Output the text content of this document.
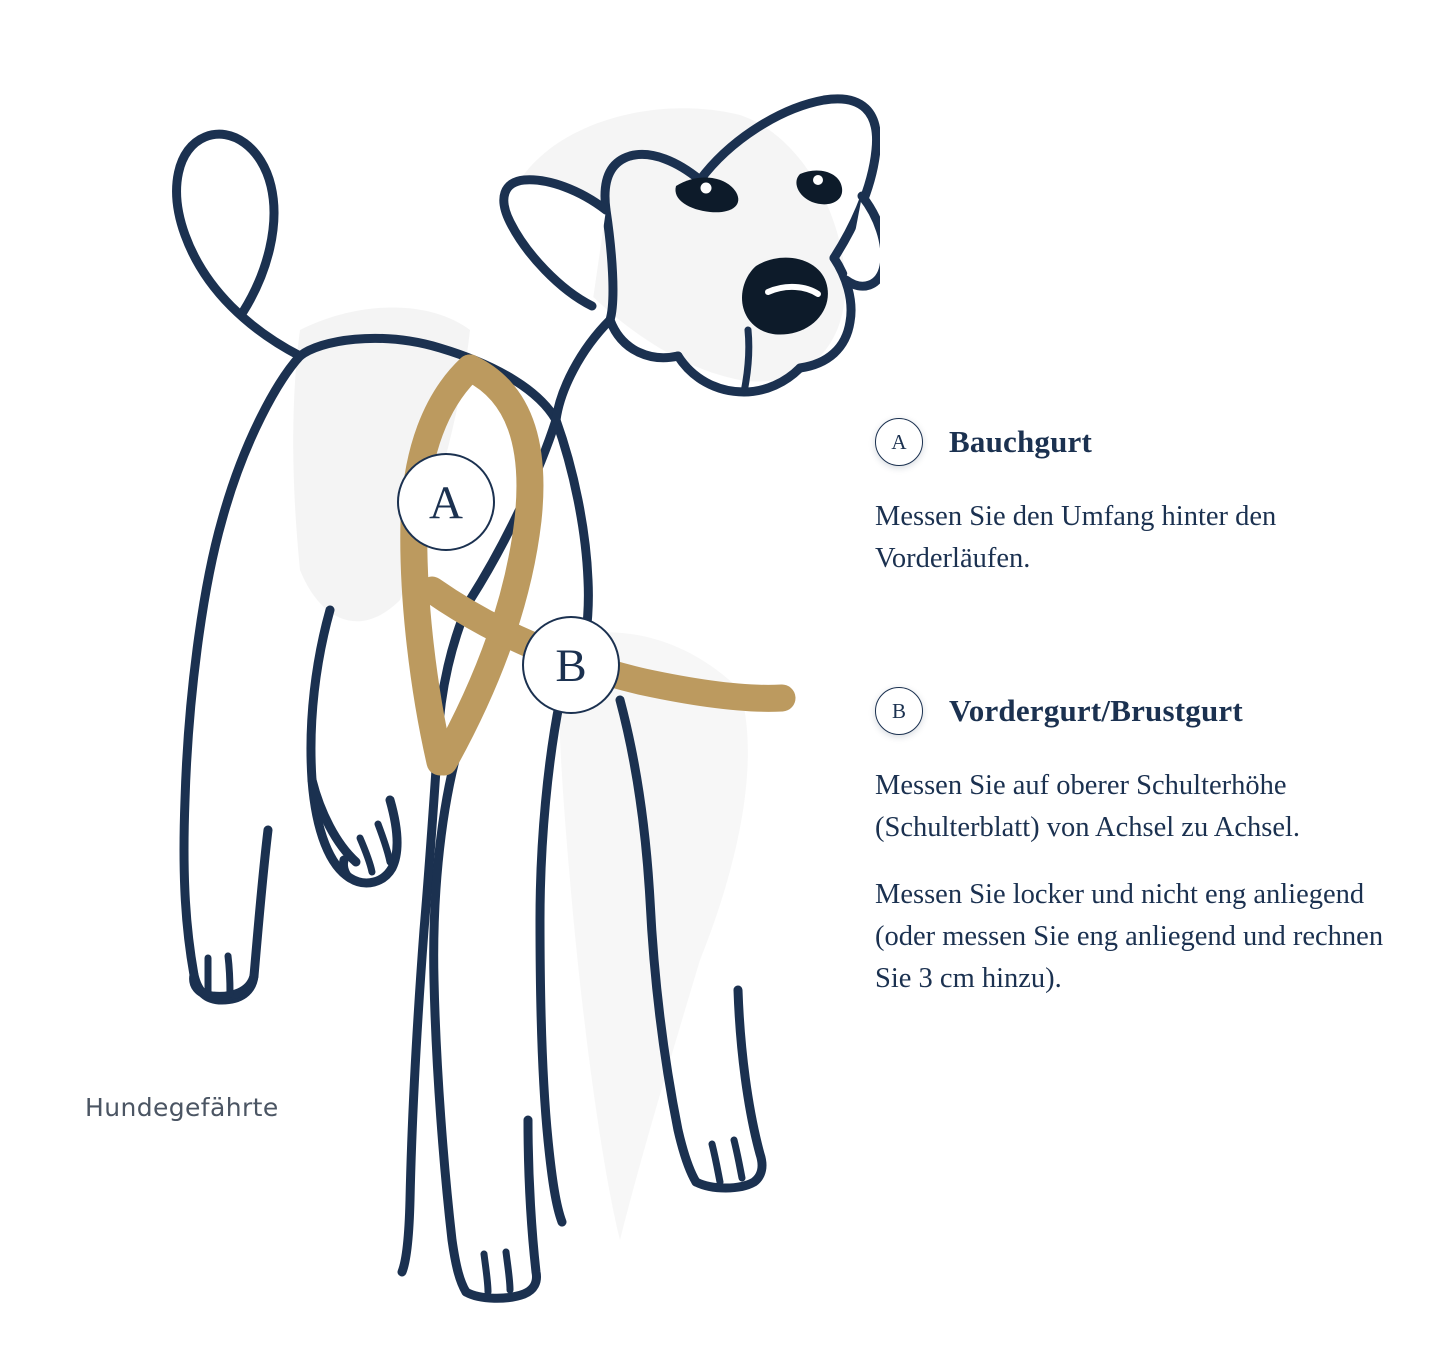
A
B
Hundegefährte
A	Bauchgurt

Messen Sie den Umfang hinter den Vorderläufen.

B	Vordergurt/Brustgurt

Messen Sie auf oberer Schulterhöhe (Schulterblatt) von Achsel zu Achsel.

Messen Sie locker und nicht eng anliegend (oder messen Sie eng anliegend und rechnen Sie 3 cm hinzu).
